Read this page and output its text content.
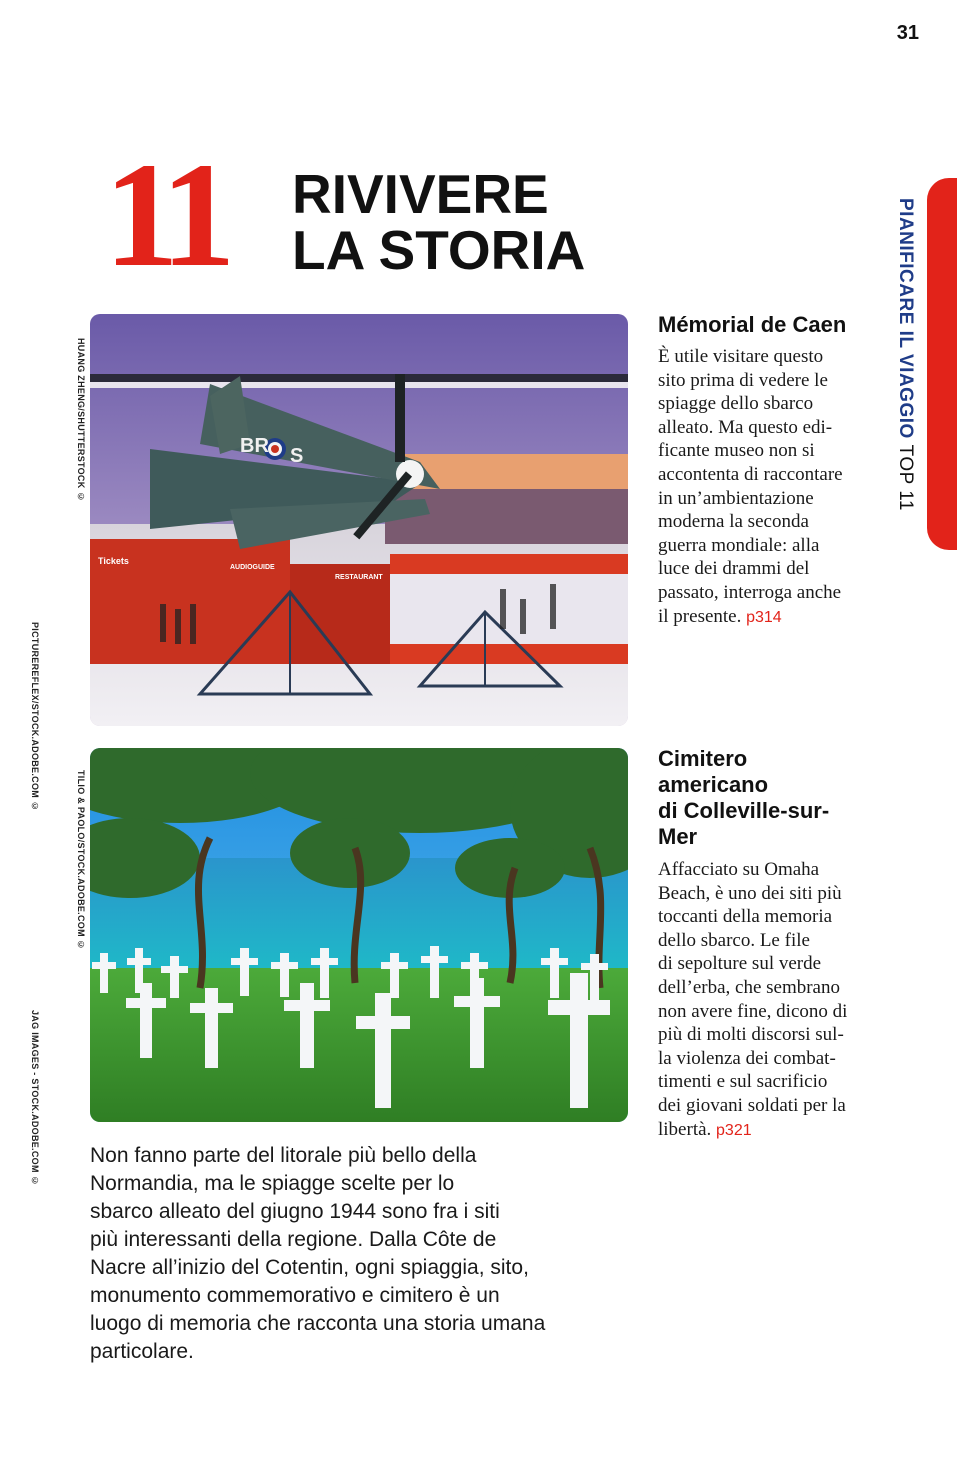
31
11 RIVIVERE
LA STORIA	PIANIFICARE IL VIAGGIO TOP 11
HUANG ZHENG/SHUTTERSTOCK ©
TILIO & PAOLO/STOCK.ADOBE.COM ©
PICTUREREFLEX/STOCK.ADOBE.COM ©
JAG IMAGES - STOCK.ADOBE.COM ©
Tickets
AUDIOGUIDE
RESTAURANT
BR S
Mémorial de Caen
È utile visitare questo
sito prima di vedere le
spiagge dello sbarco
alleato. Ma questo edi-
ficante museo non si
accontenta di raccontare
in un’ambientazione
moderna la seconda
guerra mondiale: alla
luce dei drammi del
passato, interroga anche
il presente. p314
Cimitero
americano
di Colleville-sur-
Mer
Affacciato su Omaha
Beach, è uno dei siti più
toccanti della memoria
dello sbarco. Le file
di sepolture sul verde
dell’erba, che sembrano
non avere fine, dicono di
più di molti discorsi sul-
la violenza dei combat-
timenti e sul sacrificio
dei giovani soldati per la
libertà. p321
Non fanno parte del litorale più bello della
Normandia, ma le spiagge scelte per lo
sbarco alleato del giugno 1944 sono fra i siti
più interessanti della regione. Dalla Côte de
Nacre all’inizio del Cotentin, ogni spiaggia, sito,
monumento commemorativo e cimitero è un
luogo di memoria che racconta una storia umana
particolare.
